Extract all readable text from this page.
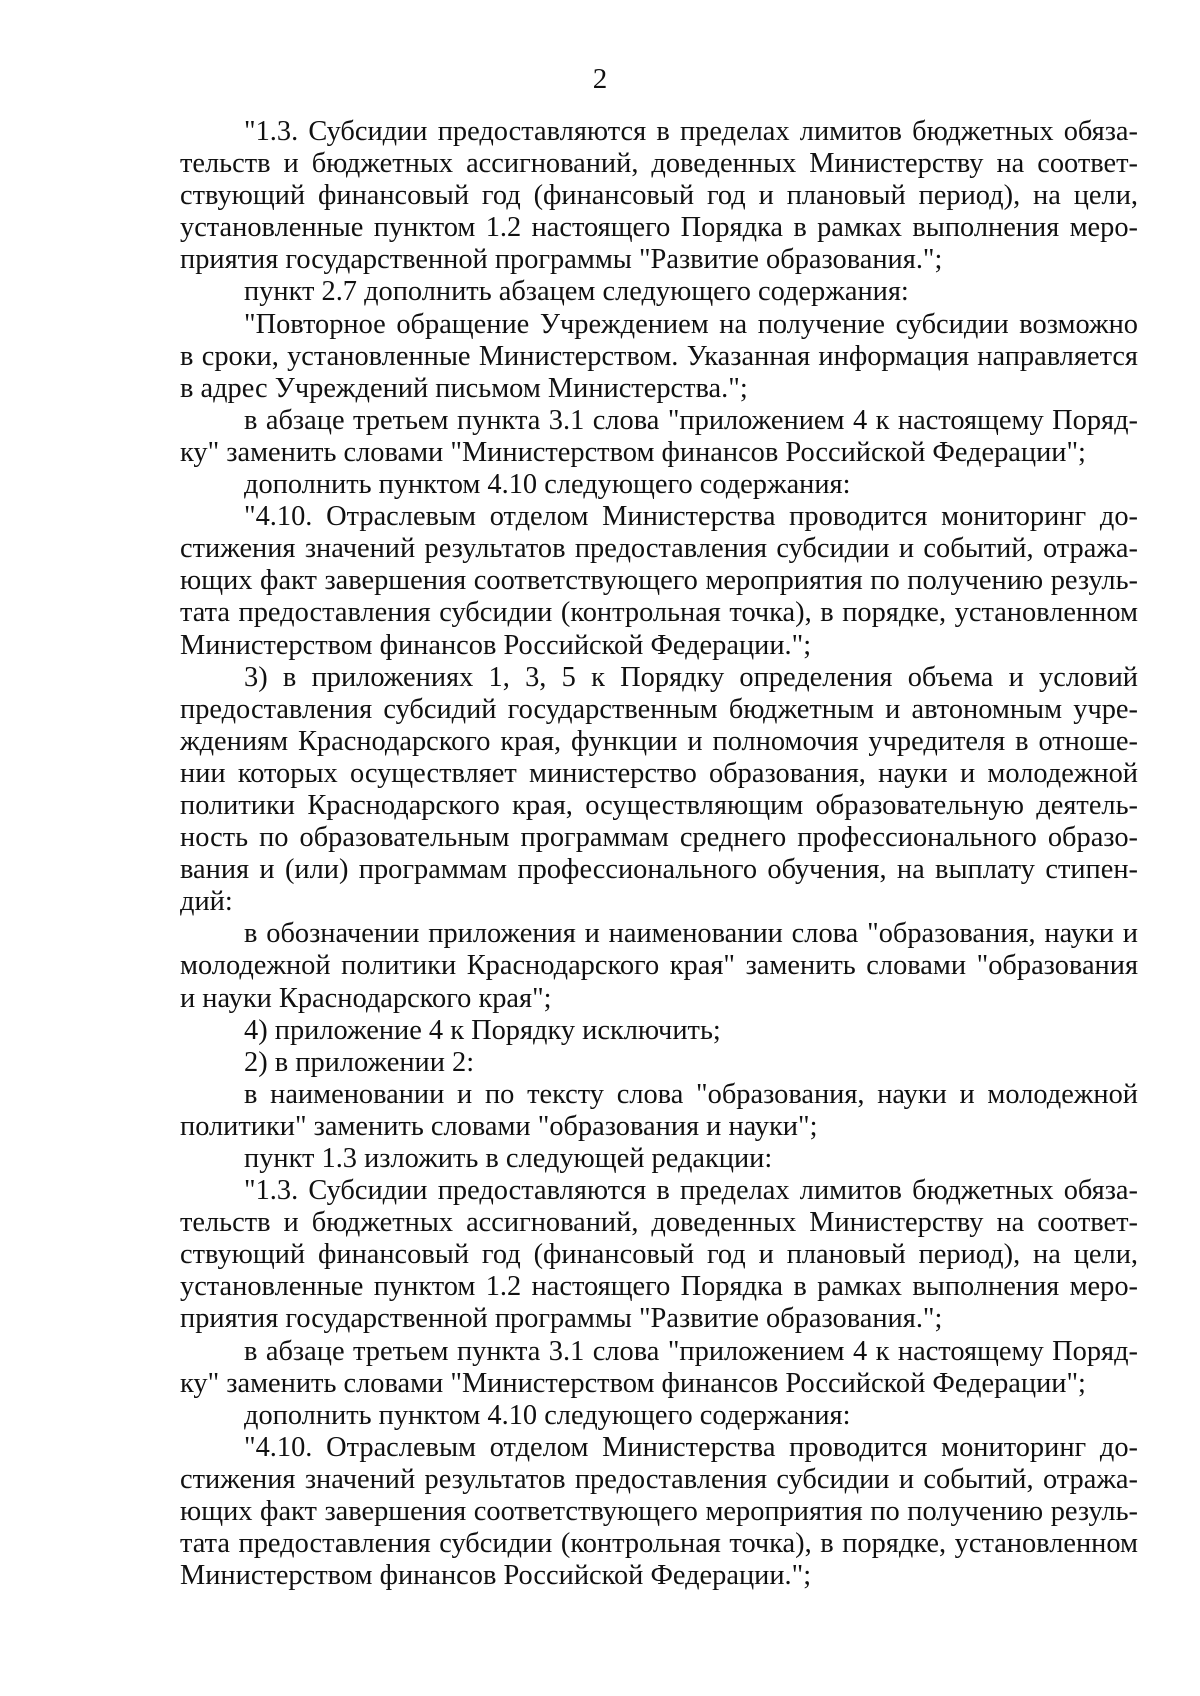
2
"1.3. Субсидии предоставляются в пределах лимитов бюджетных обяза-
тельств и бюджетных ассигнований, доведенных Министерству на соответ-
ствующий финансовый год (финансовый год и плановый период), на цели,
установленные пунктом 1.2 настоящего Порядка в рамках выполнения меро-
приятия государственной программы "Развитие образования.";
пункт 2.7 дополнить абзацем следующего содержания:
"Повторное обращение Учреждением на получение субсидии возможно
в сроки, установленные Министерством. Указанная информация направляется
в адрес Учреждений письмом Министерства.";
в абзаце третьем пункта 3.1 слова "приложением 4 к настоящему Поряд-
ку" заменить словами "Министерством финансов Российской Федерации";
дополнить пунктом 4.10 следующего содержания:
"4.10. Отраслевым отделом Министерства проводится мониторинг до-
стижения значений результатов предоставления субсидии и событий, отража-
ющих факт завершения соответствующего мероприятия по получению резуль-
тата предоставления субсидии (контрольная точка), в порядке, установленном
Министерством финансов Российской Федерации.";
3) в приложениях 1, 3, 5 к Порядку определения объема и условий
предоставления субсидий государственным бюджетным и автономным учре-
ждениям Краснодарского края, функции и полномочия учредителя в отноше-
нии которых осуществляет министерство образования, науки и молодежной
политики Краснодарского края, осуществляющим образовательную деятель-
ность по образовательным программам среднего профессионального образо-
вания и (или) программам профессионального обучения, на выплату стипен-
дий:
в обозначении приложения и наименовании слова "образования, науки и
молодежной политики Краснодарского края" заменить словами "образования
и науки Краснодарского края";
4) приложение 4 к Порядку исключить;
2) в приложении 2:
в наименовании и по тексту слова "образования, науки и молодежной
политики" заменить словами "образования и науки";
пункт 1.3 изложить в следующей редакции:
"1.3. Субсидии предоставляются в пределах лимитов бюджетных обяза-
тельств и бюджетных ассигнований, доведенных Министерству на соответ-
ствующий финансовый год (финансовый год и плановый период), на цели,
установленные пунктом 1.2 настоящего Порядка в рамках выполнения меро-
приятия государственной программы "Развитие образования.";
в абзаце третьем пункта 3.1 слова "приложением 4 к настоящему Поряд-
ку" заменить словами "Министерством финансов Российской Федерации";
дополнить пунктом 4.10 следующего содержания:
"4.10. Отраслевым отделом Министерства проводится мониторинг до-
стижения значений результатов предоставления субсидии и событий, отража-
ющих факт завершения соответствующего мероприятия по получению резуль-
тата предоставления субсидии (контрольная точка), в порядке, установленном
Министерством финансов Российской Федерации.";
